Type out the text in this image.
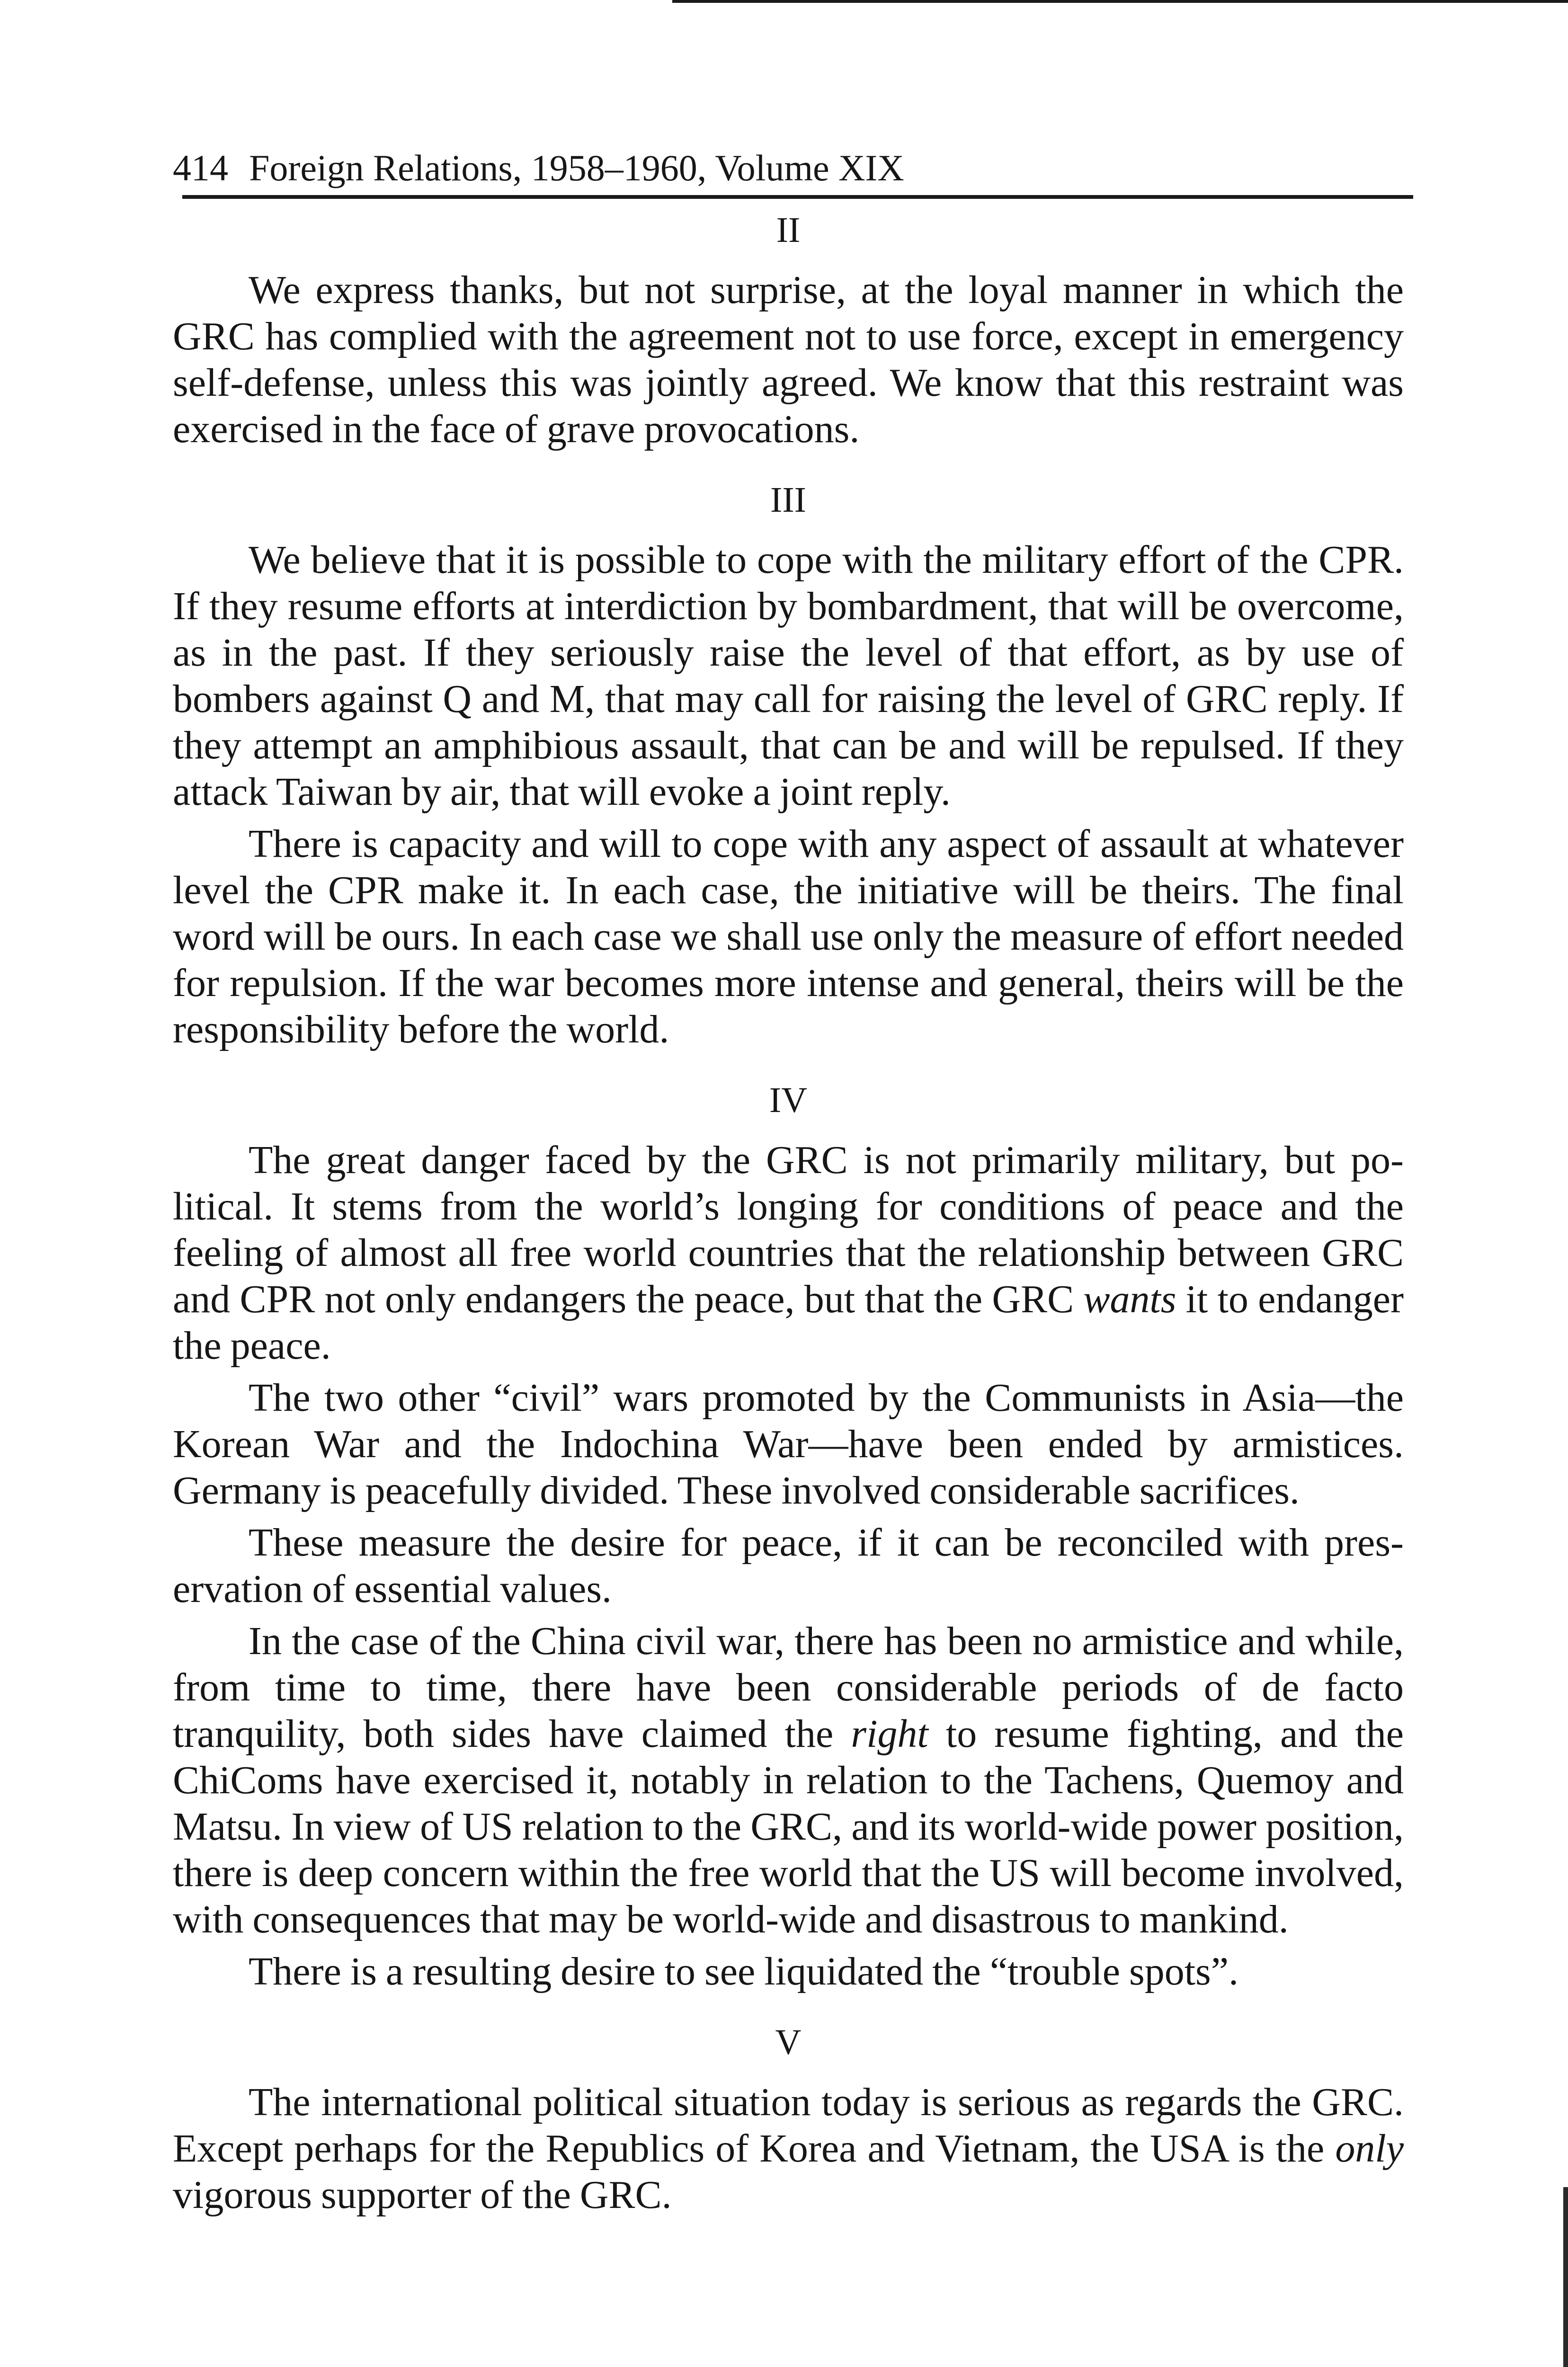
414 Foreign Relations, 1958–1960, Volume XIX
II

We express thanks, but not surprise, at the loyal manner in which the GRC has complied with the agreement not to use force, except in emergency self-defense, unless this was jointly agreed. We know that this restraint was exercised in the face of grave provocations.

III

We believe that it is possible to cope with the military effort of the CPR. If they resume efforts at interdiction by bombardment, that will be overcome, as in the past. If they seriously raise the level of that effort, as by use of bombers against Q and M, that may call for raising the level of GRC reply. If they attempt an amphibious assault, that can be and will be repulsed. If they attack Taiwan by air, that will evoke a joint reply.

There is capacity and will to cope with any aspect of assault at whatever level the CPR make it. In each case, the initiative will be theirs. The final word will be ours. In each case we shall use only the measure of effort needed for repulsion. If the war becomes more intense and general, theirs will be the responsibility before the world.

IV

The great danger faced by the GRC is not primarily military, but political. It stems from the world’s longing for conditions of peace and the feeling of almost all free world countries that the relationship between GRC and CPR not only endangers the peace, but that the GRC wants it to endanger the peace.

The two other “civil” wars promoted by the Communists in Asia—the Korean War and the Indochina War—have been ended by armistices. Germany is peacefully divided. These involved considerable sacrifices.

These measure the desire for peace, if it can be reconciled with preservation of essential values.

In the case of the China civil war, there has been no armistice and while, from time to time, there have been considerable periods of de facto tranquility, both sides have claimed the right to resume fighting, and the ChiComs have exercised it, notably in relation to the Tachens, Quemoy and Matsu. In view of US relation to the GRC, and its world-wide power position, there is deep concern within the free world that the US will become involved, with consequences that may be world-wide and disastrous to mankind.

There is a resulting desire to see liquidated the “trouble spots”.

V

The international political situation today is serious as regards the GRC. Except perhaps for the Republics of Korea and Vietnam, the USA is the only vigorous supporter of the GRC.
